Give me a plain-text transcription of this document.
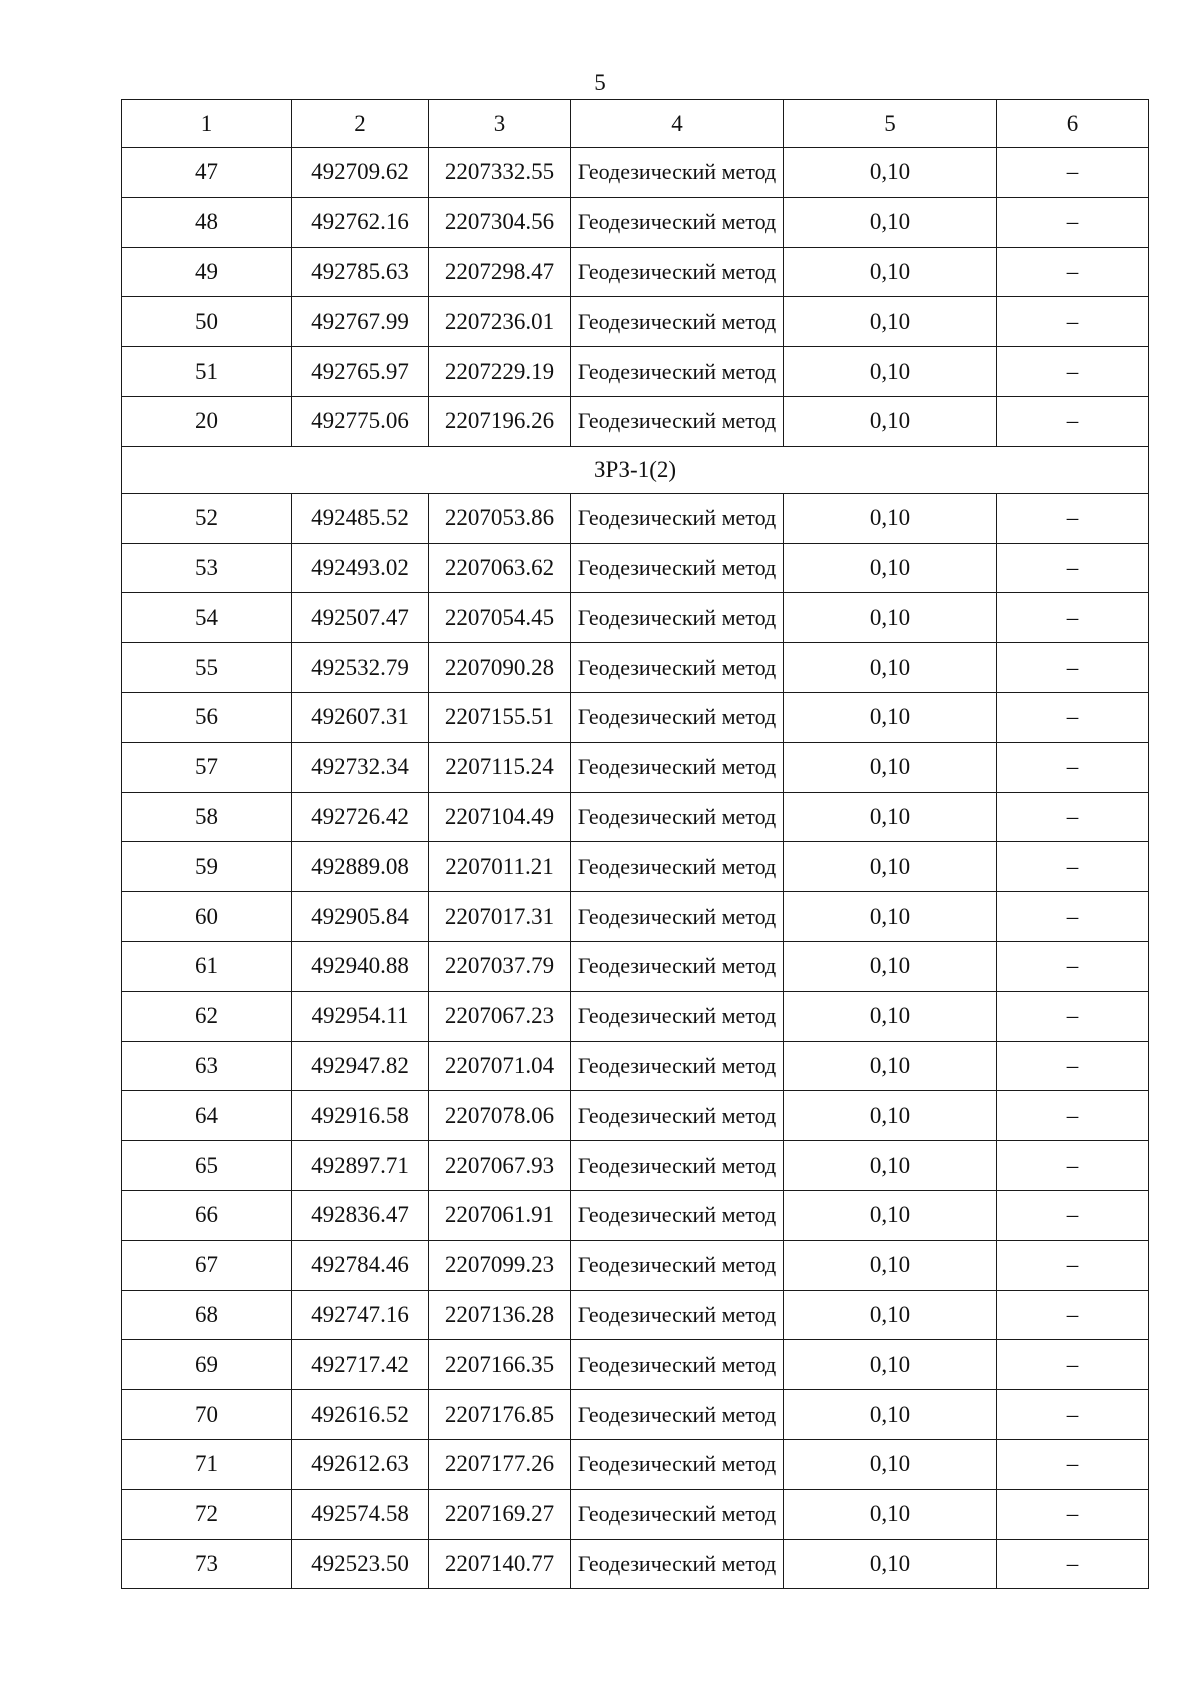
5
1	2	3	4	5	6
47	492709.62	2207332.55	Геодезический метод	0,10	–
48	492762.16	2207304.56	Геодезический метод	0,10	–
49	492785.63	2207298.47	Геодезический метод	0,10	–
50	492767.99	2207236.01	Геодезический метод	0,10	–
51	492765.97	2207229.19	Геодезический метод	0,10	–
20	492775.06	2207196.26	Геодезический метод	0,10	–
ЗРЗ-1(2)					
52	492485.52	2207053.86	Геодезический метод	0,10	–
53	492493.02	2207063.62	Геодезический метод	0,10	–
54	492507.47	2207054.45	Геодезический метод	0,10	–
55	492532.79	2207090.28	Геодезический метод	0,10	–
56	492607.31	2207155.51	Геодезический метод	0,10	–
57	492732.34	2207115.24	Геодезический метод	0,10	–
58	492726.42	2207104.49	Геодезический метод	0,10	–
59	492889.08	2207011.21	Геодезический метод	0,10	–
60	492905.84	2207017.31	Геодезический метод	0,10	–
61	492940.88	2207037.79	Геодезический метод	0,10	–
62	492954.11	2207067.23	Геодезический метод	0,10	–
63	492947.82	2207071.04	Геодезический метод	0,10	–
64	492916.58	2207078.06	Геодезический метод	0,10	–
65	492897.71	2207067.93	Геодезический метод	0,10	–
66	492836.47	2207061.91	Геодезический метод	0,10	–
67	492784.46	2207099.23	Геодезический метод	0,10	–
68	492747.16	2207136.28	Геодезический метод	0,10	–
69	492717.42	2207166.35	Геодезический метод	0,10	–
70	492616.52	2207176.85	Геодезический метод	0,10	–
71	492612.63	2207177.26	Геодезический метод	0,10	–
72	492574.58	2207169.27	Геодезический метод	0,10	–
73	492523.50	2207140.77	Геодезический метод	0,10	–
